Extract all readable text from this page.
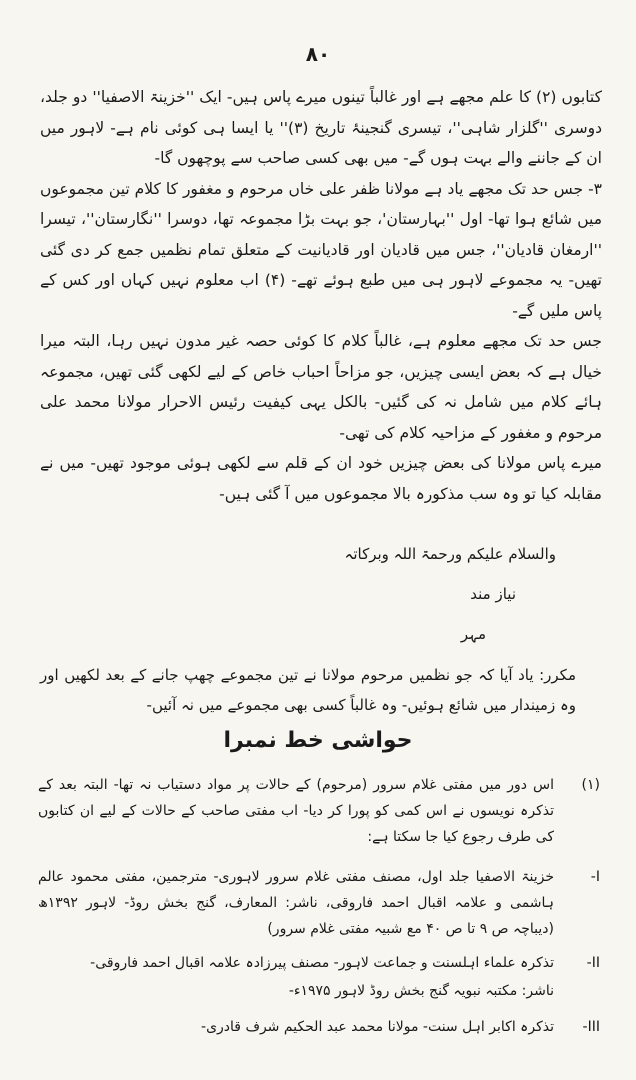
۸۰

کتابوں (۲) کا علم مجھے ہے اور غالباً تینوں میرے پاس ہیں- ایک ''خزینۃ الاصفیا'' دو جلد، دوسری ''گلزار شاہی''، تیسری گنجینۂ تاریخ (۳)'' یا ایسا ہی کوئی نام ہے- لاہور میں ان کے جاننے والے بہت ہوں گے- میں بھی کسی صاحب سے پوچھوں گا-

۳- جس حد تک مجھے یاد ہے مولانا ظفر علی خاں مرحوم و مغفور کا کلام تین مجموعوں میں شائع ہوا تھا- اول ''بہارستان'، جو بہت بڑا مجموعہ تھا، دوسرا ''نگارستان''، تیسرا ''ارمغان قادیان''، جس میں قادیان اور قادیانیت کے متعلق تمام نظمیں جمع کر دی گئی تھیں- یہ مجموعے لاہور ہی میں طبع ہوئے تھے- (۴) اب معلوم نہیں کہاں اور کس کے پاس ملیں گے-

جس حد تک مجھے معلوم ہے، غالباً کلام کا کوئی حصہ غیر مدون نہیں رہا، البتہ میرا خیال ہے کہ بعض ایسی چیزیں، جو مزاحاً احباب خاص کے لیے لکھی گئی تھیں، مجموعہ ہائے کلام میں شامل نہ کی گئیں- بالکل یہی کیفیت رئیس الاحرار مولانا محمد علی مرحوم و مغفور کے مزاحیہ کلام کی تھی-

میرے پاس مولانا کی بعض چیزیں خود ان کے قلم سے لکھی ہوئی موجود تھیں- میں نے مقابلہ کیا تو وہ سب مذکورہ بالا مجموعوں میں آ گئی ہیں-

والسلام علیکم ورحمۃ اللہ وبرکاتہ
نیاز مند
مہر
مکرر: یاد آیا کہ جو نظمیں مرحوم مولانا نے تین مجموعے چھپ جانے کے بعد لکھیں اور وہ زمیندار میں شائع ہوئیں- وہ غالباً کسی بھی مجموعے میں نہ آئیں-
حواشی خط نمبرا
(۱)
اس دور میں مفتی غلام سرور (مرحوم) کے حالات پر مواد دستیاب نہ تھا- البتہ بعد کے تذکرہ نویسوں نے اس کمی کو پورا کر دیا- اب مفتی صاحب کے حالات کے لیے ان کتابوں کی طرف رجوع کیا جا سکتا ہے:
I-
خزینۃ الاصفیا جلد اول، مصنف مفتی غلام سرور لاہوری- مترجمین، مفتی محمود عالم ہاشمی و علامہ اقبال احمد فاروقی، ناشر: المعارف، گنج بخش روڈ- لاہور ۱۳۹۲ھ (دیباچہ ص ۹ تا ص ۴۰ مع شبیہ مفتی غلام سرور)
II-
تذکرہ علماء اہلسنت و جماعت لاہور- مصنف پیرزادہ علامہ اقبال احمد فاروقی-
ناشر: مکتبہ نبویہ گنج بخش روڈ لاہور ۱۹۷۵ء-
III-
تذکرہ اکابر اہل سنت- مولانا محمد عبد الحکیم شرف قادری-
